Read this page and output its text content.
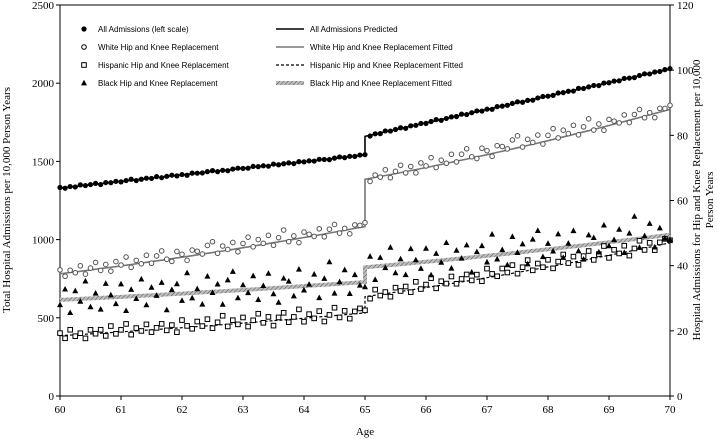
60	61	62	63	64	65	66	67	68	69	70
0
500
1000
1500
2000
2500
0
20
40
60
80
100
120
All Admissions (left scale)	All Admissions Predicted
White Hip and Knee Replacement	White Hip and Knee Replacement Fitted
Hispanic Hip and Knee Replacement	Hispanic Hip and Knee Replacement Fitted
Black Hip and Knee Replacement	Black Hip and Knee Replacement Fitted
Age
Total Hospital Admissions per 10,000 Person Years	Hospital Admissions for Hip and Knee Replacement per 10,000Person Years
